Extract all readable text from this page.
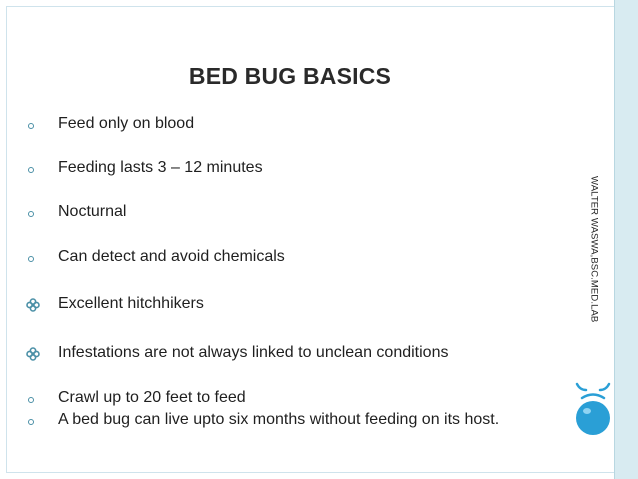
BED BUG BASICS
Feed only on blood
Feeding lasts 3 – 12 minutes
Nocturnal
Can detect and avoid chemicals
Excellent hitchhikers
Infestations are not always linked to unclean conditions
Crawl up to 20 feet to feed
A bed bug can live upto six months without feeding on its host.
WALTER WASWA,BSC.MED.LAB
